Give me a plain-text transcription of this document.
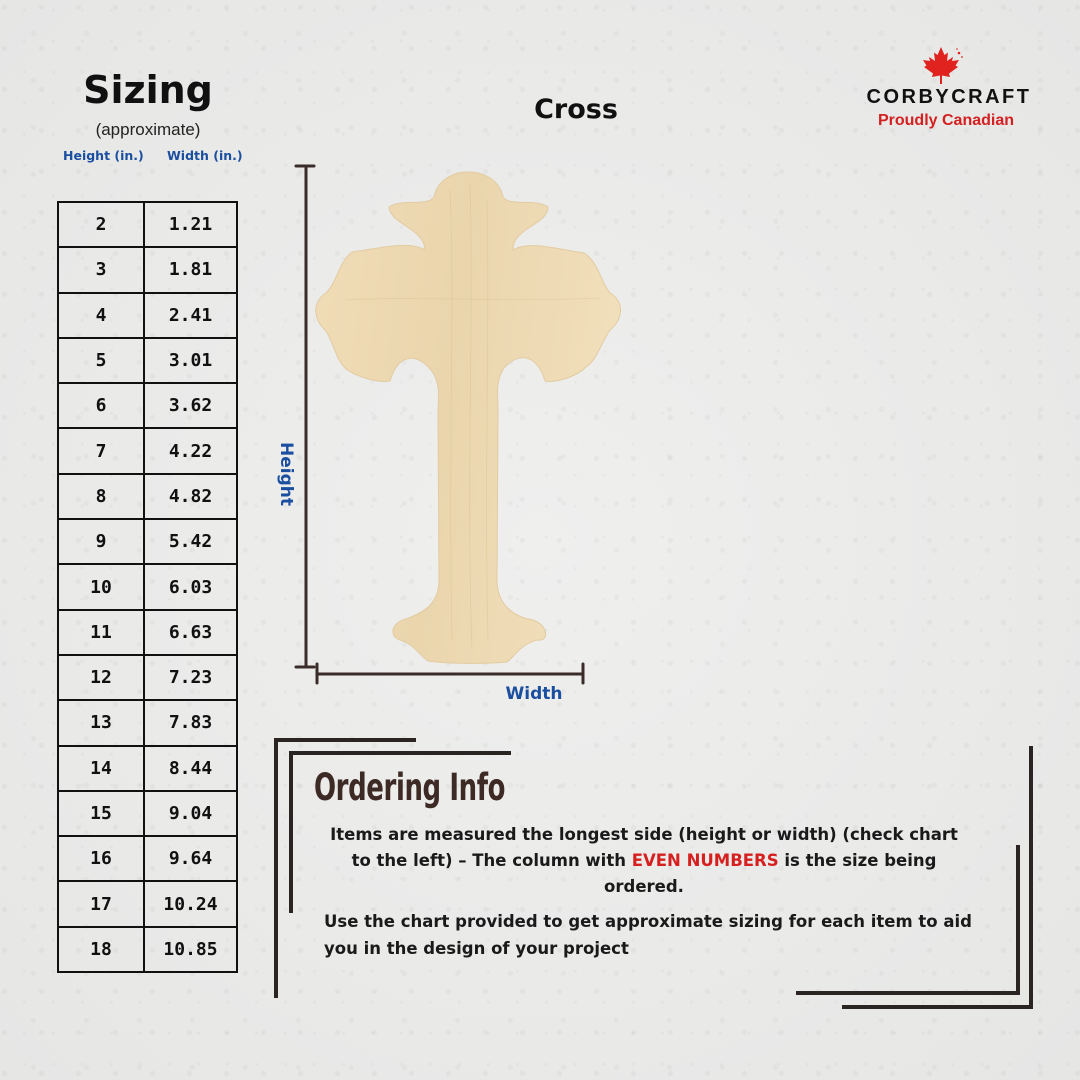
Sizing
(approximate)
Height (in.) Width (in.)
2	1.21
3	1.81
4	2.41
5	3.01
6	3.62
7	4.22
8	4.82
9	5.42
10	6.03
11	6.63
12	7.23
13	7.83
14	8.44
15	9.04
16	9.64
17	10.24
18	10.85
Cross	CORBYCRAFT
Proudly Canadian
Height
Width
Ordering Info
Items are measured the longest side (height or width) (check chart to the left) – The column with EVEN NUMBERS is the size being ordered.
Use the chart provided to get approximate sizing for each item to aid you in the design of your project
